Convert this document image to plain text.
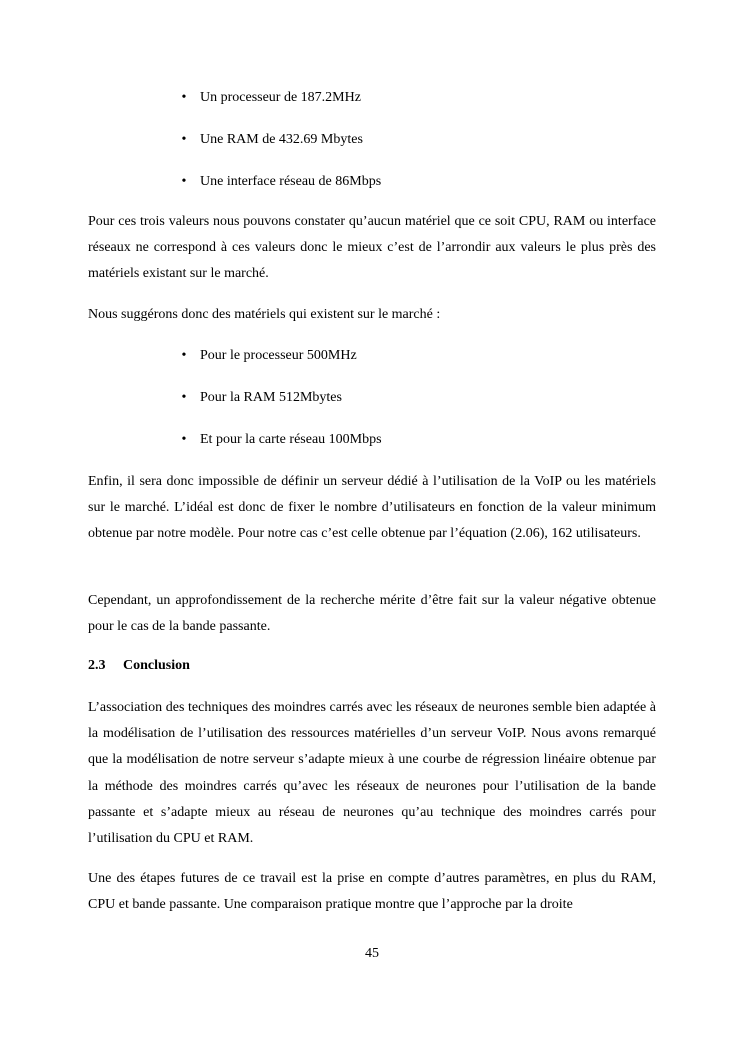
• Un processeur de 187.2MHz
• Une RAM de 432.69 Mbytes
• Une interface réseau de 86Mbps

Pour ces trois valeurs nous pouvons constater qu’aucun matériel que ce soit CPU, RAM ou interface réseaux ne correspond à ces valeurs donc le mieux c’est de l’arrondir aux valeurs le plus près des matériels existant sur le marché.

Nous suggérons donc des matériels qui existent sur le marché :

• Pour le processeur 500MHz
• Pour la RAM 512Mbytes
• Et pour la carte réseau 100Mbps

Enfin, il sera donc impossible de définir un serveur dédié à l’utilisation de la VoIP ou les matériels sur le marché. L’idéal est donc de fixer le nombre d’utilisateurs en fonction de la valeur minimum obtenue par notre modèle. Pour notre cas c’est celle obtenue par l’équation (2.06), 162 utilisateurs.

Cependant, un approfondissement de la recherche mérite d’être fait sur la valeur négative obtenue pour le cas de la bande passante.

2.3 Conclusion

L’association des techniques des moindres carrés avec les réseaux de neurones semble bien adaptée à la modélisation de l’utilisation des ressources matérielles d’un serveur VoIP. Nous avons remarqué que la modélisation de notre serveur s’adapte mieux à une courbe de régression linéaire obtenue par la méthode des moindres carrés qu’avec les réseaux de neurones pour l’utilisation de la bande passante et s’adapte mieux au réseau de neurones qu’au technique des moindres carrés pour l’utilisation du CPU et RAM.

Une des étapes futures de ce travail est la prise en compte d’autres paramètres, en plus du RAM, CPU et bande passante. Une comparaison pratique montre que l’approche par la droite

45
